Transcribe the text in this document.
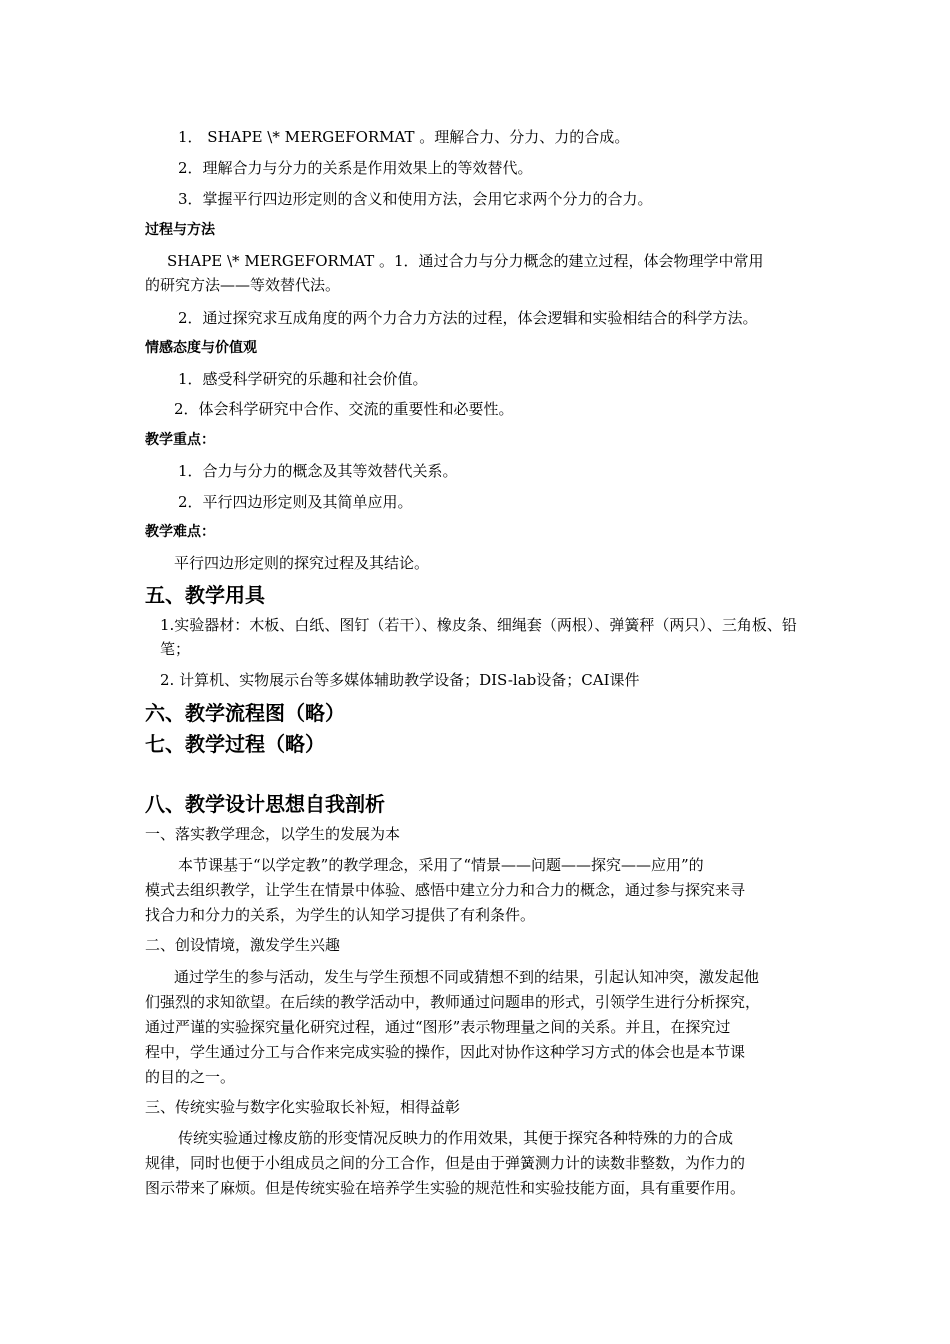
1． SHAPE \* MERGEFORMAT 。理解合力、分力、力的合成。
2．理解合力与分力的关系是作用效果上的等效替代。
3．掌握平行四边形定则的含义和使用方法，会用它求两个分力的合力。
过程与方法
SHAPE \* MERGEFORMAT 。1．通过合力与分力概念的建立过程，体会物理学中常用
的研究方法——等效替代法。
2．通过探究求互成角度的两个力合力方法的过程，体会逻辑和实验相结合的科学方法。
情感态度与价值观
1．感受科学研究的乐趣和社会价值。
2．体会科学研究中合作、交流的重要性和必要性。
教学重点：
1．合力与分力的概念及其等效替代关系。
2．平行四边形定则及其简单应用。
教学难点：
平行四边形定则的探究过程及其结论。
五、教学用具
1.实验器材：木板、白纸、图钉（若干）、橡皮条、细绳套（两根）、弹簧秤（两只）、三角板、铅
笔；
2. 计算机、实物展示台等多媒体辅助教学设备；DIS-lab设备；CAI课件
六、教学流程图（略）
七、教学过程（略）
八、教学设计思想自我剖析
一、落实教学理念，以学生的发展为本
本节课基于“以学定教”的教学理念，采用了“情景——问题——探究——应用”的
模式去组织教学，让学生在情景中体验、感悟中建立分力和合力的概念，通过参与探究来寻
找合力和分力的关系，为学生的认知学习提供了有利条件。
二、创设情境，激发学生兴趣
通过学生的参与活动，发生与学生预想不同或猜想不到的结果，引起认知冲突，激发起他
们强烈的求知欲望。在后续的教学活动中，教师通过问题串的形式，引领学生进行分析探究，
通过严谨的实验探究量化研究过程，通过“图形”表示物理量之间的关系。并且，在探究过
程中，学生通过分工与合作来完成实验的操作，因此对协作这种学习方式的体会也是本节课
的目的之一。
三、传统实验与数字化实验取长补短，相得益彰
传统实验通过橡皮筋的形变情况反映力的作用效果，其便于探究各种特殊的力的合成
规律，同时也便于小组成员之间的分工合作，但是由于弹簧测力计的读数非整数，为作力的
图示带来了麻烦。但是传统实验在培养学生实验的规范性和实验技能方面，具有重要作用。
